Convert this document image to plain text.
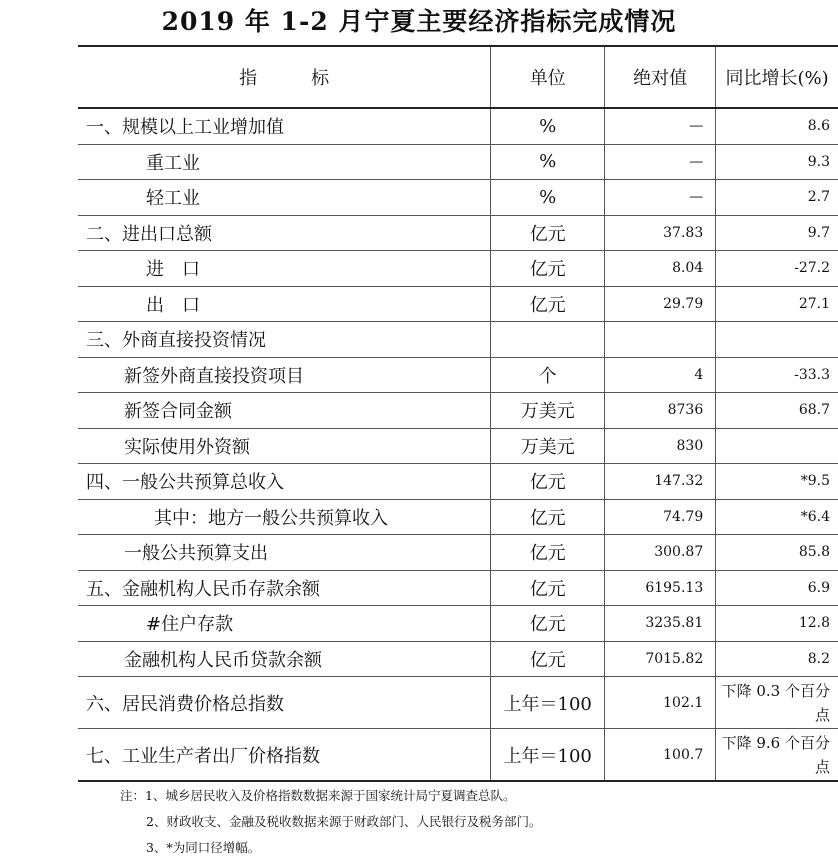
2019 年 1-2 月宁夏主要经济指标完成情况
指　　　标	单位	绝对值	同比增长(%)
一、规模以上工业增加值	%	—	8.6
重工业	%	—	9.3
轻工业	%	—	2.7
二、进出口总额	亿元	37.83	9.7
进　口	亿元	8.04	-27.2
出　口	亿元	29.79	27.1
三、外商直接投资情况			
新签外商直接投资项目	个	4	-33.3
新签合同金额	万美元	8736	68.7
实际使用外资额	万美元	830	
四、一般公共预算总收入	亿元	147.32	*9.5
其中：地方一般公共预算收入	亿元	74.79	*6.4
一般公共预算支出	亿元	300.87	85.8
五、金融机构人民币存款余额	亿元	6195.13	6.9
#住户存款	亿元	3235.81	12.8
金融机构人民币贷款余额	亿元	7015.82	8.2
六、居民消费价格总指数	上年＝100	102.1	下降 0.3 个百分点
七、工业生产者出厂价格指数	上年＝100	100.7	下降 9.6 个百分点
注：1、城乡居民收入及价格指数数据来源于国家统计局宁夏调查总队。
2、财政收支、金融及税收数据来源于财政部门、人民银行及税务部门。
3、*为同口径增幅。
